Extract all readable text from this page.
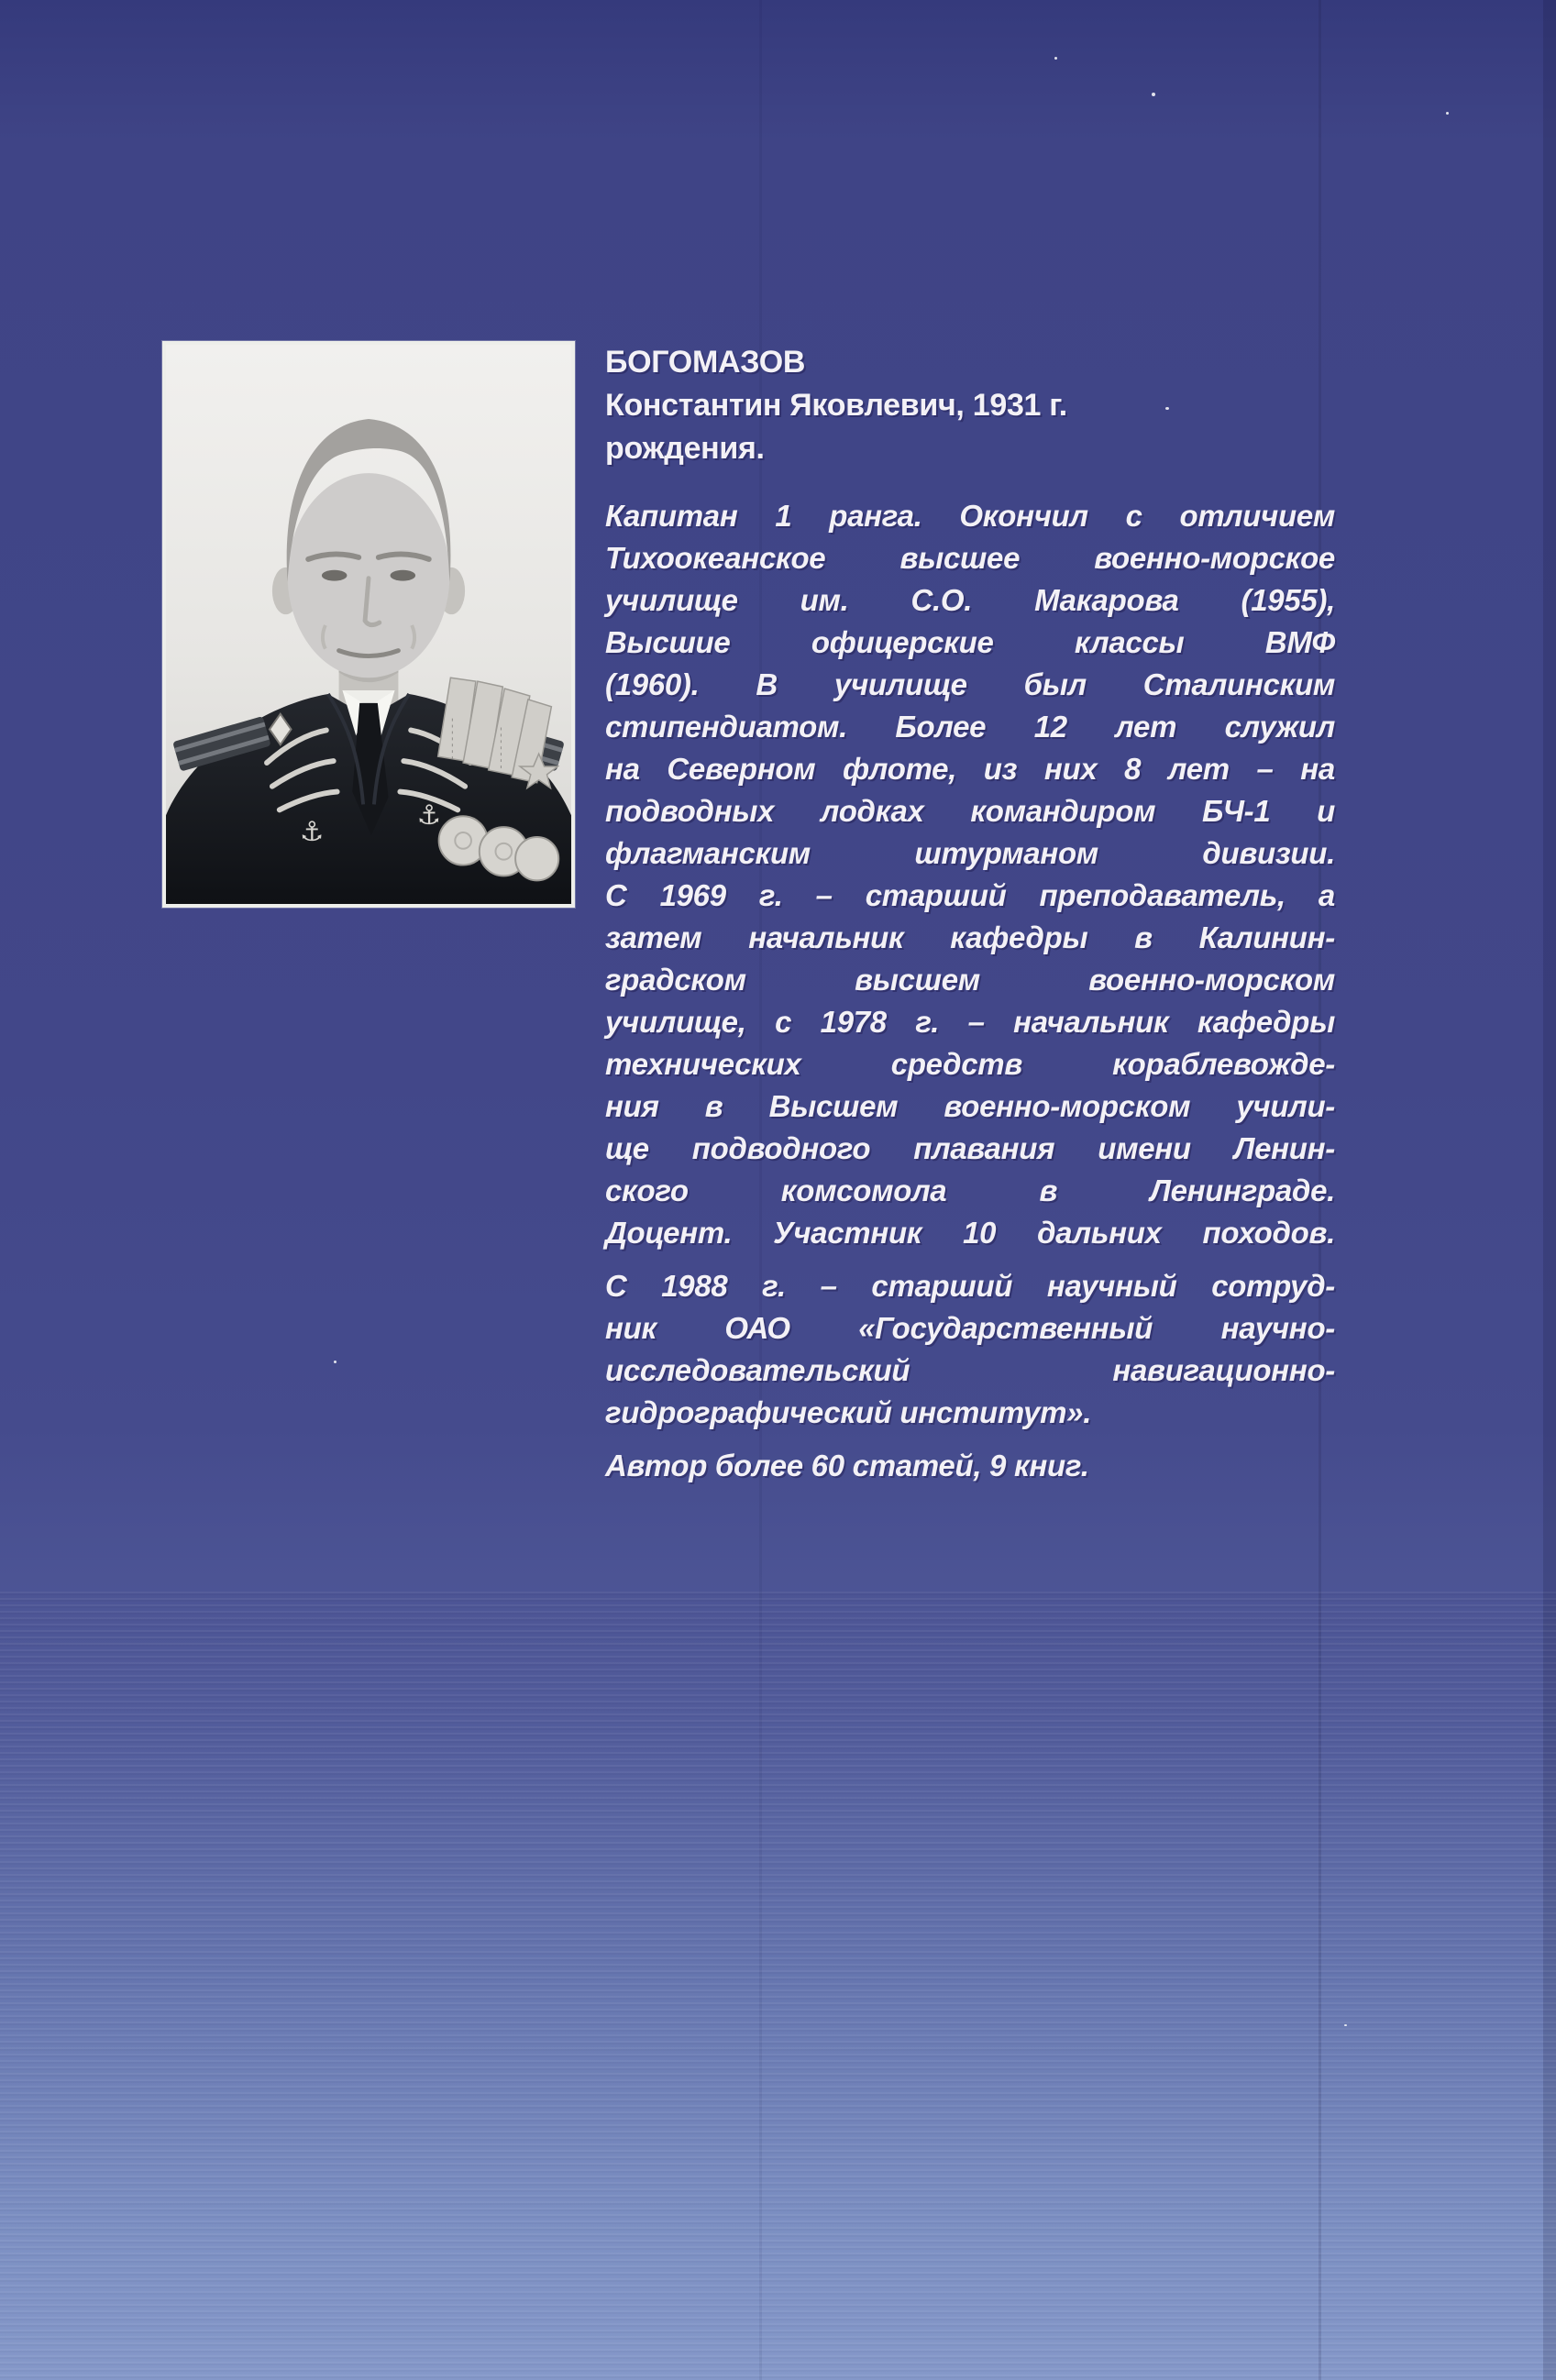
⚓
⚓
БОГОМАЗОВ
Константин Яковлевич, 1931 г.
рождения.
Капитан 1 ранга. Окончил с отличием
Тихоокеанское высшее военно-морское
училище им. С.О. Макарова (1955),
Высшие офицерские классы ВМФ
(1960). В училище был Сталинским
стипендиатом. Более 12 лет служил
на Северном флоте, из них 8 лет – на
подводных лодках командиром БЧ-1 и
флагманским штурманом дивизии.
С 1969 г. – старший преподаватель, а
затем начальник кафедры в Калинин-
градском высшем военно-морском
училище, с 1978 г. – начальник кафедры
технических средств кораблевожде-
ния в Высшем военно-морском учили-
ще подводного плавания имени Ленин-
ского комсомола в Ленинграде.
Доцент. Участник 10 дальних походов.
С 1988 г. – старший научный сотруд-
ник ОАО «Государственный научно-
исследовательский навигационно-
гидрографический институт».
Автор более 60 статей, 9 книг.
